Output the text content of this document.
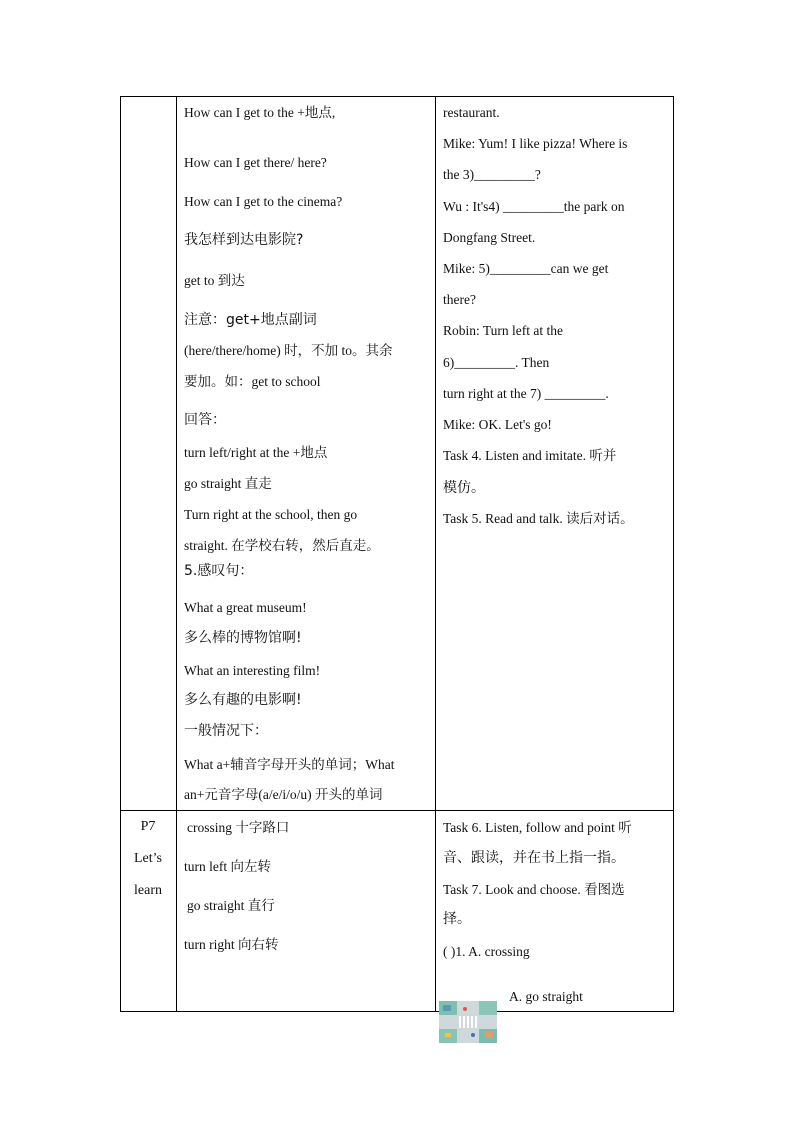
P7
Let’s
learn
How can I get to the +地点,
How can I get there/ here?
How can I get to the cinema?
我怎样到达电影院?
get to 到达
注意：get+地点副词
(here/there/home) 时，不加 to。其余
要加。如：get to school
回答：
turn left/right at the +地点
go straight 直走
Turn right at the school, then go
straight. 在学校右转，然后直走。
5.感叹句：
What a great museum!
多么棒的博物馆啊!
What an interesting film!
多么有趣的电影啊!
一般情况下：
What a+辅音字母开头的单词；What
an+元音字母(a/e/i/o/u) 开头的单词
crossing 十字路口
turn left 向左转
go straight 直行
turn right 向右转
restaurant.
Mike: Yum! I like pizza! Where is
the 3)_________?
Wu : It's4) _________the park on
Dongfang Street.
Mike: 5)_________can we get
there?
Robin: Turn left at the
6)_________. Then
turn right at the 7) _________.
Mike: OK. Let's go!
Task 4. Listen and imitate. 听并
模仿。
Task 5. Read and talk. 读后对话。
Task 6. Listen, follow and point 听
音、跟读，并在书上指一指。
Task 7. Look and choose. 看图选
择。
( )1. A. crossing
A. go straight
